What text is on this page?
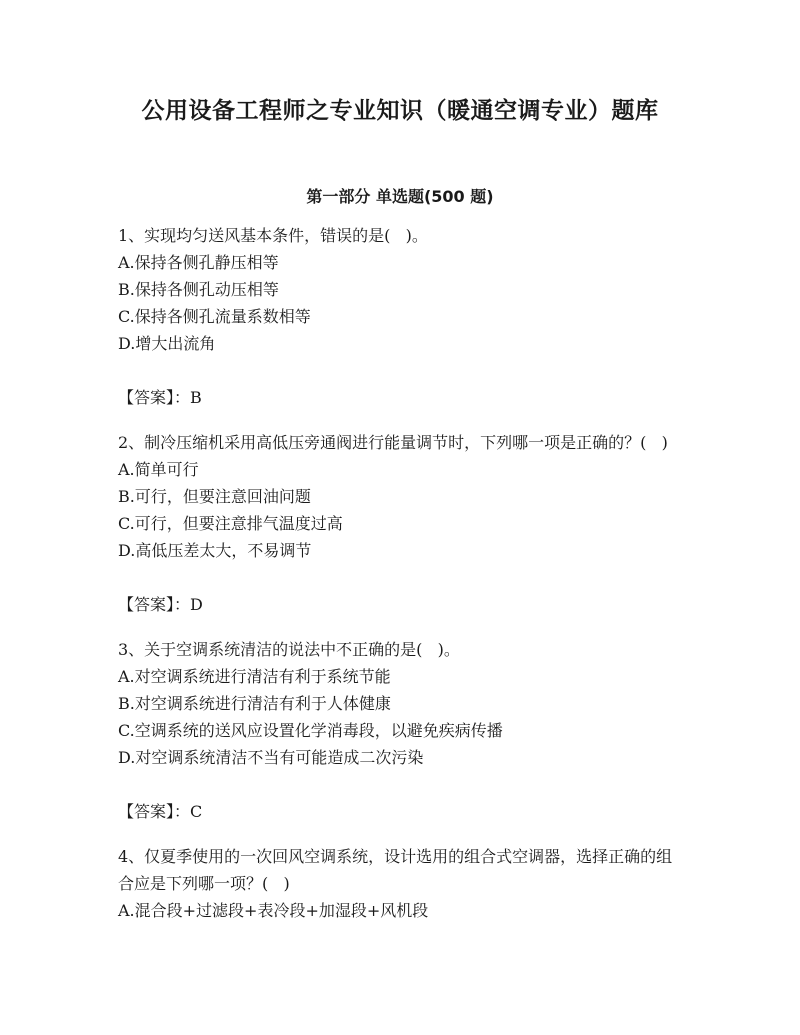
公用设备工程师之专业知识（暖通空调专业）题库
第一部分 单选题(500 题)
1、实现均匀送风基本条件，错误的是(   )。
A.保持各侧孔静压相等
B.保持各侧孔动压相等
C.保持各侧孔流量系数相等
D.增大出流角
【答案】：B
2、制冷压缩机采用高低压旁通阀进行能量调节时，下列哪一项是正确的？(   )
A.简单可行
B.可行，但要注意回油问题
C.可行，但要注意排气温度过高
D.高低压差太大，不易调节
【答案】：D
3、关于空调系统清洁的说法中不正确的是(   )。
A.对空调系统进行清洁有利于系统节能
B.对空调系统进行清洁有利于人体健康
C.空调系统的送风应设置化学消毒段，以避免疾病传播
D.对空调系统清洁不当有可能造成二次污染
【答案】：C
4、仅夏季使用的一次回风空调系统，设计选用的组合式空调器，选择正确的组合应是下列哪一项？(   )
A.混合段+过滤段+表冷段+加湿段+风机段
